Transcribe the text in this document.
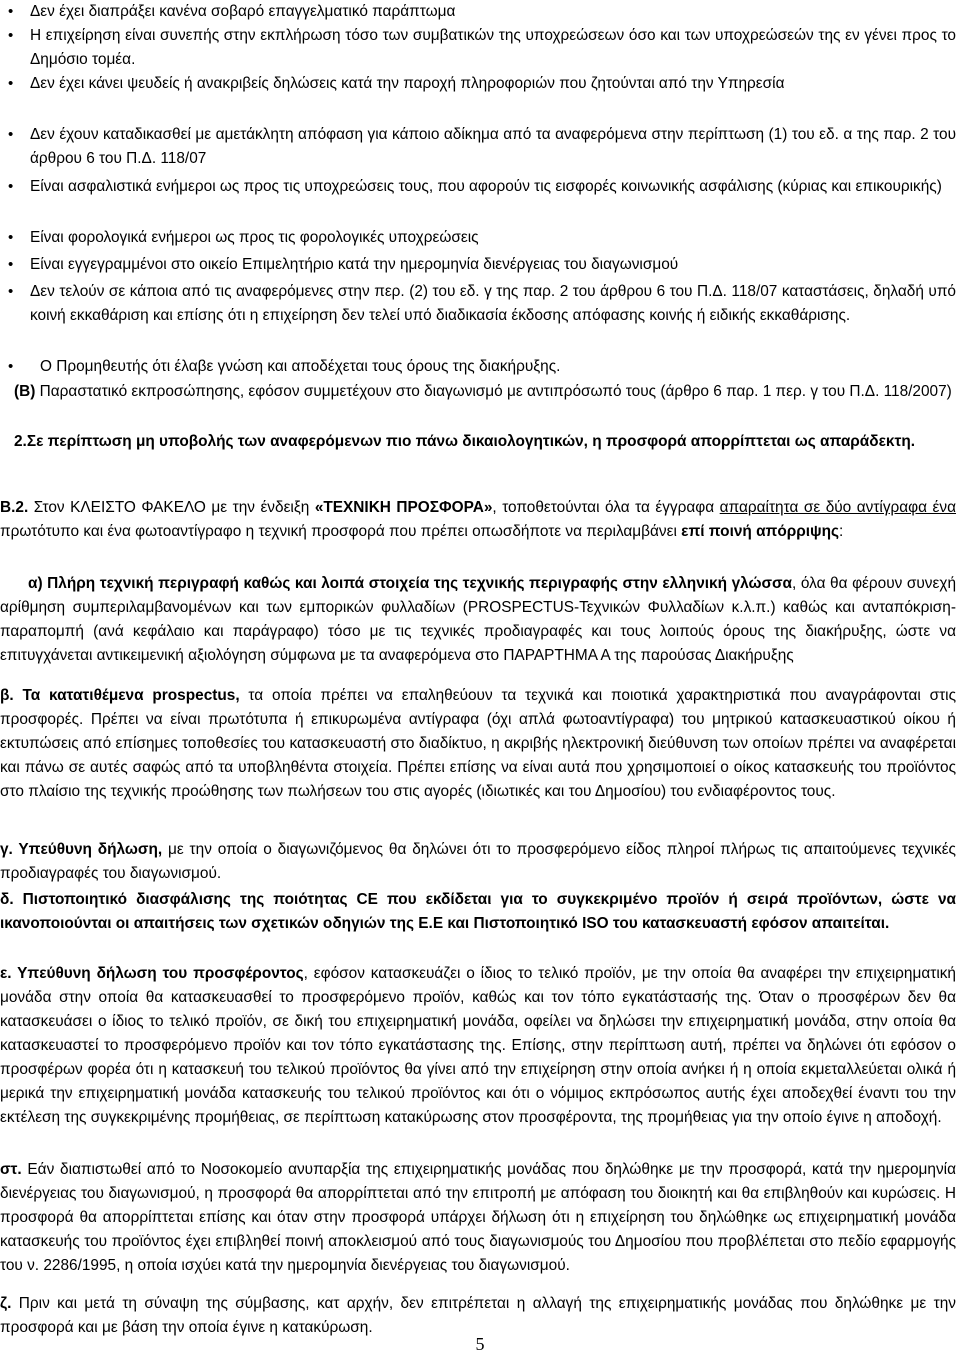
• Δεν έχει διαπράξει κανένα σοβαρό επαγγελματικό παράπτωμα
• Η επιχείρηση είναι συνεπής στην εκπλήρωση τόσο των συμβατικών της υποχρεώσεων όσο και των υποχρεώσεών της εν γένει προς το Δημόσιο τομέα.
• Δεν έχει κάνει ψευδείς ή ανακριβείς δηλώσεις κατά την παροχή πληροφοριών που ζητούνται από την Υπηρεσία
• Δεν έχουν καταδικασθεί με αμετάκλητη απόφαση για κάποιο αδίκημα από τα αναφερόμενα στην περίπτωση (1) του εδ. α της παρ. 2 του άρθρου 6 του Π.Δ. 118/07
• Είναι ασφαλιστικά ενήμεροι ως προς τις υποχρεώσεις τους, που αφορούν τις εισφορές κοινωνικής ασφάλισης (κύριας και επικουρικής)
• Είναι φορολογικά ενήμεροι ως προς τις φορολογικές υποχρεώσεις
• Είναι εγγεγραμμένοι στο οικείο Επιμελητήριο κατά την ημερομηνία διενέργειας του διαγωνισμού
• Δεν τελούν σε κάποια από τις αναφερόμενες στην περ. (2) του εδ. γ της παρ. 2 του άρθρου 6 του Π.Δ. 118/07 καταστάσεις, δηλαδή υπό κοινή εκκαθάριση και επίσης ότι η επιχείρηση δεν τελεί υπό διαδικασία έκδοσης απόφασης κοινής ή ειδικής εκκαθάρισης.
• Ο Προμηθευτής ότι έλαβε γνώση και αποδέχεται τους όρους της διακήρυξης.
(Β) Παραστατικό εκπροσώπησης, εφόσον συμμετέχουν στο διαγωνισμό με αντιπρόσωπό τους (άρθρο 6 παρ. 1 περ. γ του Π.Δ. 118/2007)
2.Σε περίπτωση μη υποβολής των αναφερόμενων πιο πάνω δικαιολογητικών, η προσφορά απορρίπτεται ως απαράδεκτη.
Β.2. Στον ΚΛΕΙΣΤΟ ΦΑΚΕΛΟ με την ένδειξη «ΤΕΧΝΙΚΗ ΠΡΟΣΦΟΡΑ», τοποθετούνται όλα τα έγγραφα απαραίτητα σε δύο αντίγραφα ένα πρωτότυπο και ένα φωτοαντίγραφο η τεχνική προσφορά που πρέπει οπωσδήποτε να περιλαμβάνει επί ποινή απόρριψης:
α) Πλήρη τεχνική περιγραφή καθώς και λοιπά στοιχεία της τεχνικής περιγραφής στην ελληνική γλώσσα, όλα θα φέρουν συνεχή αρίθμηση συμπεριλαμβανομένων και των εμπορικών φυλλαδίων (PROSPECTUS-Τεχνικών Φυλλαδίων κ.λ.π.) καθώς και ανταπόκριση-παραπομπή (ανά κεφάλαιο και παράγραφο) τόσο με τις τεχνικές προδιαγραφές και τους λοιπούς όρους της διακήρυξης, ώστε να επιτυγχάνεται αντικειμενική αξιολόγηση σύμφωνα με τα αναφερόμενα στο ΠΑΡΑΡΤΗΜΑ Α της παρούσας Διακήρυξης
β. Τα κατατιθέμενα prospectus, τα οποία πρέπει να επαληθεύουν τα τεχνικά και ποιοτικά χαρακτηριστικά που αναγράφονται στις προσφορές. Πρέπει να είναι πρωτότυπα ή επικυρωμένα αντίγραφα (όχι απλά φωτοαντίγραφα) του μητρικού κατασκευαστικού οίκου ή εκτυπώσεις από επίσημες τοποθεσίες του κατασκευαστή στο διαδίκτυο, η ακριβής ηλεκτρονική διεύθυνση των οποίων πρέπει να αναφέρεται και πάνω σε αυτές σαφώς από τα υποβληθέντα στοιχεία. Πρέπει επίσης να είναι αυτά που χρησιμοποιεί ο οίκος κατασκευής του προϊόντος στο πλαίσιο της τεχνικής προώθησης των πωλήσεων του στις αγορές (ιδιωτικές και του Δημοσίου) του ενδιαφέροντος τους.
γ. Υπεύθυνη δήλωση, με την οποία ο διαγωνιζόμενος θα δηλώνει ότι το προσφερόμενο είδος πληροί πλήρως τις απαιτούμενες τεχνικές προδιαγραφές του διαγωνισμού.
δ. Πιστοποιητικό διασφάλισης της ποιότητας CE που εκδίδεται για το συγκεκριμένο προϊόν ή σειρά προϊόντων, ώστε να ικανοποιούνται οι απαιτήσεις των σχετικών οδηγιών της Ε.Ε και Πιστοποιητικό ISO του κατασκευαστή εφόσον απαιτείται.
ε. Υπεύθυνη δήλωση του προσφέροντος, εφόσον κατασκευάζει ο ίδιος το τελικό προϊόν, με την οποία θα αναφέρει την επιχειρηματική μονάδα στην οποία θα κατασκευασθεί το προσφερόμενο προϊόν, καθώς και τον τόπο εγκατάστασής της. Όταν ο προσφέρων δεν θα κατασκευάσει ο ίδιος το τελικό προϊόν, σε δική του επιχειρηματική μονάδα, οφείλει να δηλώσει την επιχειρηματική μονάδα, στην οποία θα κατασκευαστεί το προσφερόμενο προϊόν και τον τόπο εγκατάστασης της. Επίσης, στην περίπτωση αυτή, πρέπει να δηλώνει ότι εφόσον ο προσφέρων φορέα ότι η κατασκευή του τελικού προϊόντος θα γίνει από την επιχείρηση στην οποία ανήκει ή η οποία εκμεταλλεύεται ολικά ή μερικά την επιχειρηματική μονάδα κατασκευής του τελικού προϊόντος και ότι ο νόμιμος εκπρόσωπος αυτής έχει αποδεχθεί έναντι του την εκτέλεση της συγκεκριμένης προμήθειας, σε περίπτωση κατακύρωσης στον προσφέροντα, της προμήθειας για την οποίο έγινε η αποδοχή.
στ. Εάν διαπιστωθεί από το Νοσοκομείο ανυπαρξία της επιχειρηματικής μονάδας που δηλώθηκε με την προσφορά, κατά την ημερομηνία διενέργειας του διαγωνισμού, η προσφορά θα απορρίπτεται από την επιτροπή με απόφαση του διοικητή και θα επιβληθούν και κυρώσεις. Η προσφορά θα απορρίπτεται επίσης και όταν στην προσφορά υπάρχει δήλωση ότι η επιχείρηση του δηλώθηκε ως επιχειρηματική μονάδα κατασκευής του προϊόντος έχει επιβληθεί ποινή αποκλεισμού από τους διαγωνισμούς του Δημοσίου που προβλέπεται στο πεδίο εφαρμογής του ν. 2286/1995, η οποία ισχύει κατά την ημερομηνία διενέργειας του διαγωνισμού.
ζ. Πριν και μετά τη σύναψη της σύμβασης, κατ αρχήν, δεν επιτρέπεται η αλλαγή της επιχειρηματικής μονάδας που δηλώθηκε με την προσφορά και με βάση την οποία έγινε η κατακύρωση.
5
